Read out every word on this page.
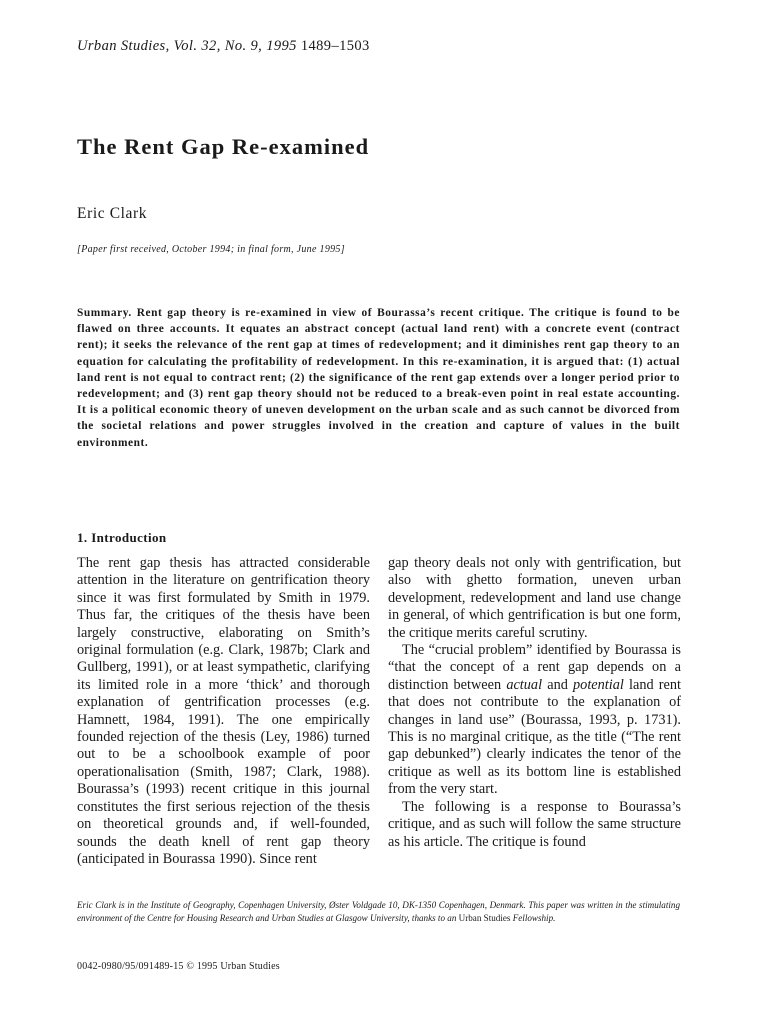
Urban Studies, Vol. 32, No. 9, 1995 1489–1503
The Rent Gap Re-examined
Eric Clark
[Paper first received, October 1994; in final form, June 1995]

Summary. Rent gap theory is re-examined in view of Bourassa’s recent critique. The critique is found to be flawed on three accounts. It equates an abstract concept (actual land rent) with a concrete event (contract rent); it seeks the relevance of the rent gap at times of redevelopment; and it diminishes rent gap theory to an equation for calculating the profitability of redevelopment. In this re-examination, it is argued that: (1) actual land rent is not equal to contract rent; (2) the significance of the rent gap extends over a longer period prior to redevelopment; and (3) rent gap theory should not be reduced to a break-even point in real estate accounting. It is a political economic theory of uneven development on the urban scale and as such cannot be divorced from the societal relations and power struggles involved in the creation and capture of values in the built environment.

1. Introduction

The rent gap thesis has attracted considerable attention in the literature on gentrification theory since it was first formulated by Smith in 1979. Thus far, the critiques of the thesis have been largely constructive, elaborating on Smith’s original formulation (e.g. Clark, 1987b; Clark and Gullberg, 1991), or at least sympathetic, clarifying its limited role in a more ‘thick’ and thorough explanation of gentrification processes (e.g. Hamnett, 1984, 1991). The one empirically founded rejection of the thesis (Ley, 1986) turned out to be a schoolbook example of poor operationalisation (Smith, 1987; Clark, 1988). Bourassa’s (1993) recent critique in this journal constitutes the first serious rejection of the thesis on theoretical grounds and, if well-founded, sounds the death knell of rent gap theory (anticipated in Bourassa 1990). Since rent

gap theory deals not only with gentrification, but also with ghetto formation, uneven urban development, redevelopment and land use change in general, of which gentrification is but one form, the critique merits careful scrutiny.

The “crucial problem” identified by Bourassa is “that the concept of a rent gap depends on a distinction between actual and potential land rent that does not contribute to the explanation of changes in land use” (Bourassa, 1993, p. 1731). This is no marginal critique, as the title (“The rent gap debunked”) clearly indicates the tenor of the critique as well as its bottom line is established from the very start.

The following is a response to Bourassa’s critique, and as such will follow the same structure as his article. The critique is found

Eric Clark is in the Institute of Geography, Copenhagen University, Øster Voldgade 10, DK-1350 Copenhagen, Denmark. This paper was written in the stimulating environment of the Centre for Housing Research and Urban Studies at Glasgow University, thanks to an Urban Studies Fellowship.

0042-0980/95/091489-15 © 1995 Urban Studies
